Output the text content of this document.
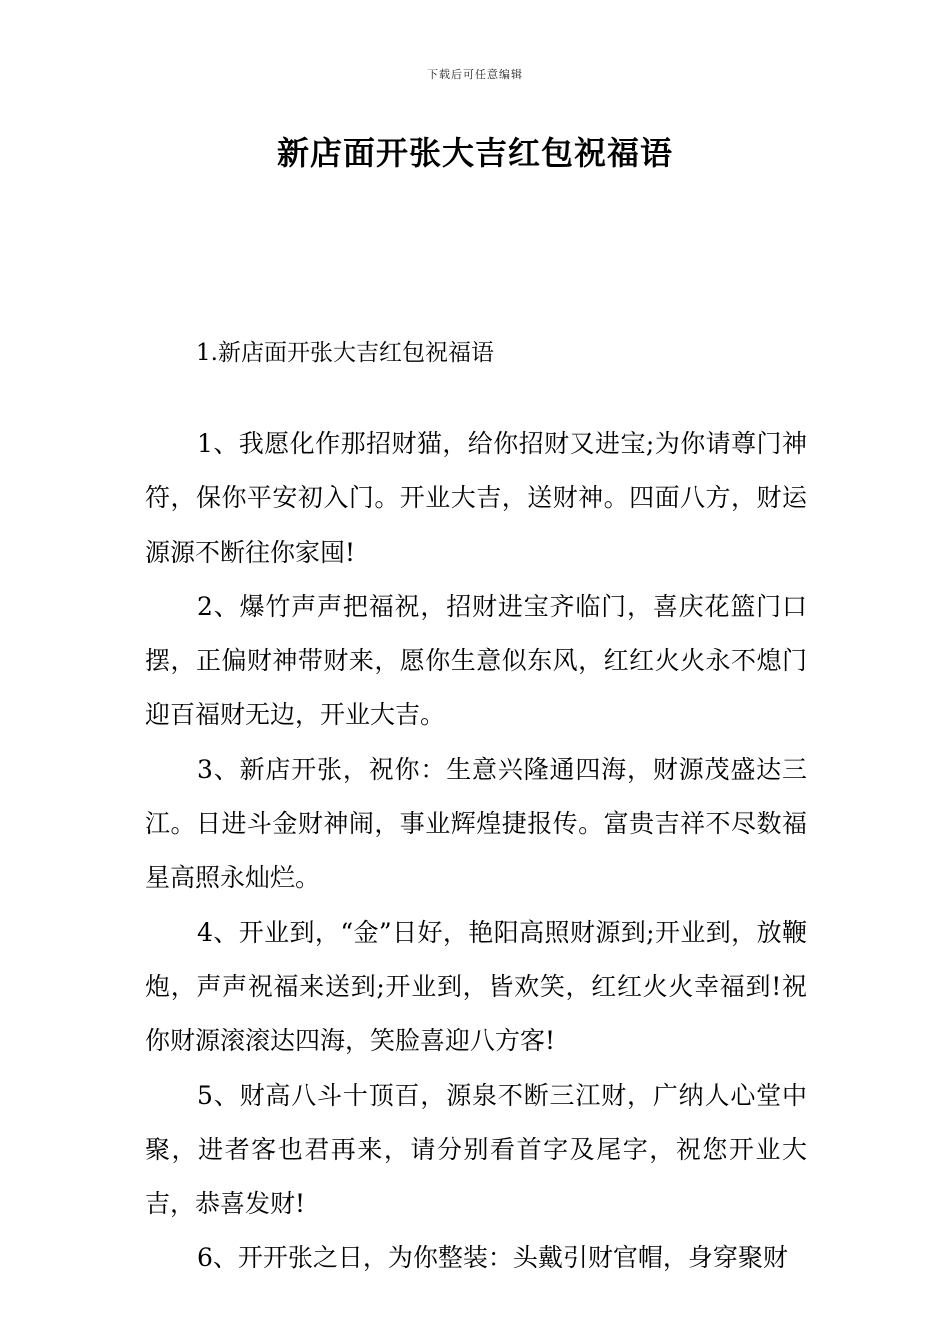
下载后可任意编辑
新店面开张大吉红包祝福语
1.新店面开张大吉红包祝福语

1、我愿化作那招财猫，给你招财又进宝;为你请尊门神符，保你平安初入门。开业大吉，送财神。四面八方，财运源源不断往你家囤!

2、爆竹声声把福祝，招财进宝齐临门，喜庆花篮门口摆，正偏财神带财来，愿你生意似东风，红红火火永不熄门迎百福财无边，开业大吉。

3、新店开张，祝你：生意兴隆通四海，财源茂盛达三江。日进斗金财神闹，事业辉煌捷报传。富贵吉祥不尽数福星高照永灿烂。

4、开业到，“金”日好，艳阳高照财源到;开业到，放鞭炮，声声祝福来送到;开业到，皆欢笑，红红火火幸福到!祝你财源滚滚达四海，笑脸喜迎八方客!

5、财高八斗十顶百，源泉不断三江财，广纳人心堂中聚，进者客也君再来，请分别看首字及尾字，祝您开业大吉，恭喜发财!

6、开开张之日，为你整装：头戴引财官帽，身穿聚财
